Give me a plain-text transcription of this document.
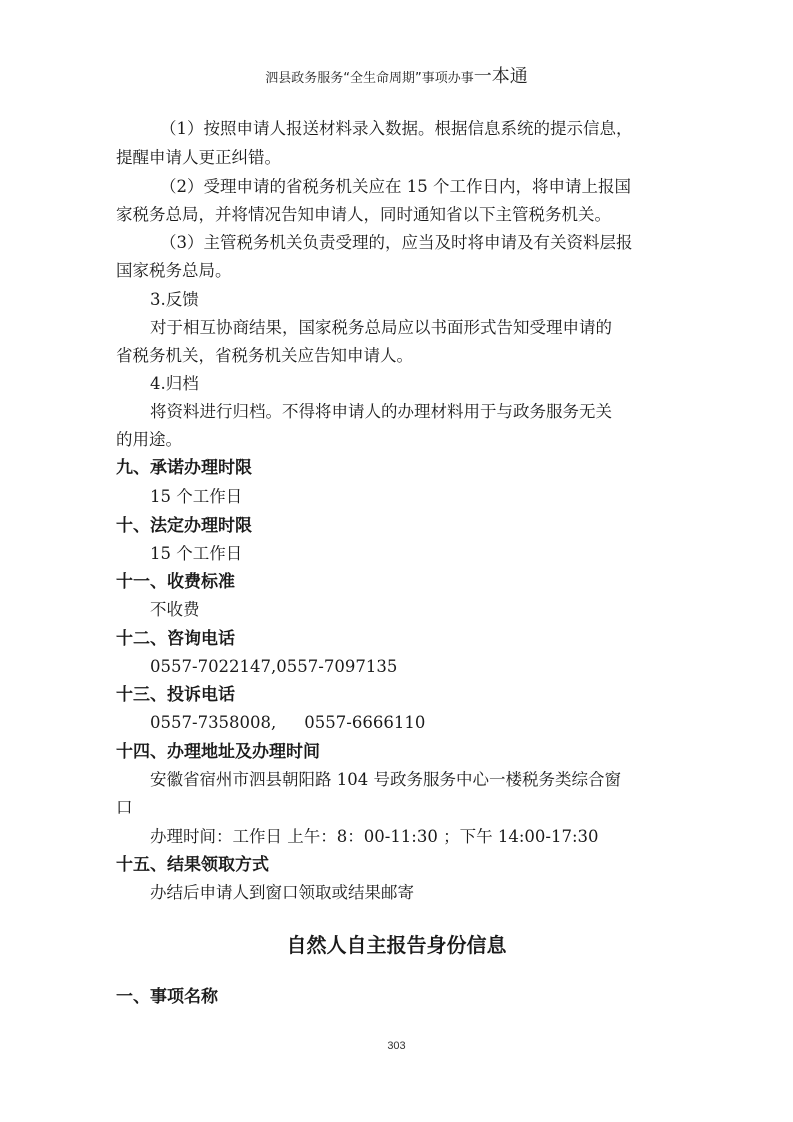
泗县政务服务“全生命周期”事项办事一本通
（1）按照申请人报送材料录入数据。根据信息系统的提示信息，
提醒申请人更正纠错。
（2）受理申请的省税务机关应在 15 个工作日内，将申请上报国
家税务总局，并将情况告知申请人，同时通知省以下主管税务机关。
（3）主管税务机关负责受理的，应当及时将申请及有关资料层报
国家税务总局。
3.反馈
对于相互协商结果，国家税务总局应以书面形式告知受理申请的
省税务机关，省税务机关应告知申请人。
4.归档
将资料进行归档。不得将申请人的办理材料用于与政务服务无关
的用途。
九、承诺办理时限
15 个工作日
十、法定办理时限
15 个工作日
十一、收费标准
不收费
十二、咨询电话
0557-7022147,0557-7097135
十三、投诉电话
0557-7358008, 0557-6666110
十四、办理地址及办理时间
安徽省宿州市泗县朝阳路 104 号政务服务中心一楼税务类综合窗
口
办理时间：工作日 上午：8：00-11:30 ；下午 14:00-17:30
十五、结果领取方式
办结后申请人到窗口领取或结果邮寄
自然人自主报告身份信息
一、事项名称
303
